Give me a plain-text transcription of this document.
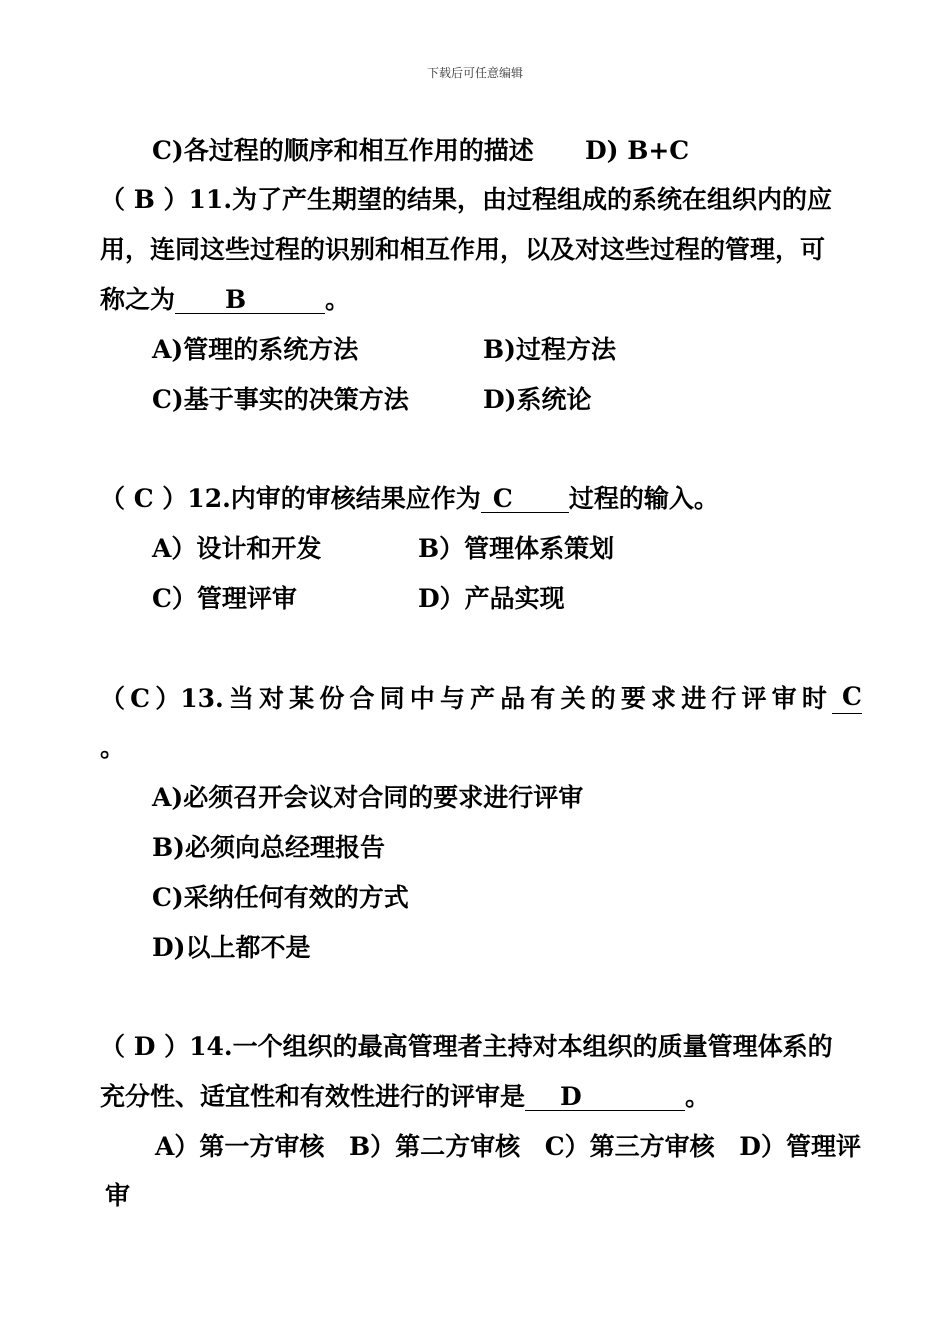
下载后可任意编辑
C)各过程的顺序和相互作用的描述 D) B+C
（ B ）11.为了产生期望的结果，由过程组成的系统在组织内的应
用，连同这些过程的识别和相互作用，以及对这些过程的管理，可
称之为 B	。
A)管理的系统方法	B)过程方法
C)基于事实的决策方法	D)系统论
（ C ）12.内审的审核结果应作为 C 过程的输入。
A）设计和开发	B）管理体系策划
C）管理评审	D）产品实现
（ C ）13. 当 对 某 份 合 同 中 与 产 品 有 关 的 要 求 进 行 评 审 时 C
。
A)必须召开会议对合同的要求进行评审
B)必须向总经理报告
C)采纳任何有效的方式
D)以上都不是
（ D ）14.一个组织的最高管理者主持对本组织的质量管理体系的
充分性、适宜性和有效性进行的评审是 D	。
A）第一方审核 B）第二方审核 C）第三方审核 D）管理评
审
